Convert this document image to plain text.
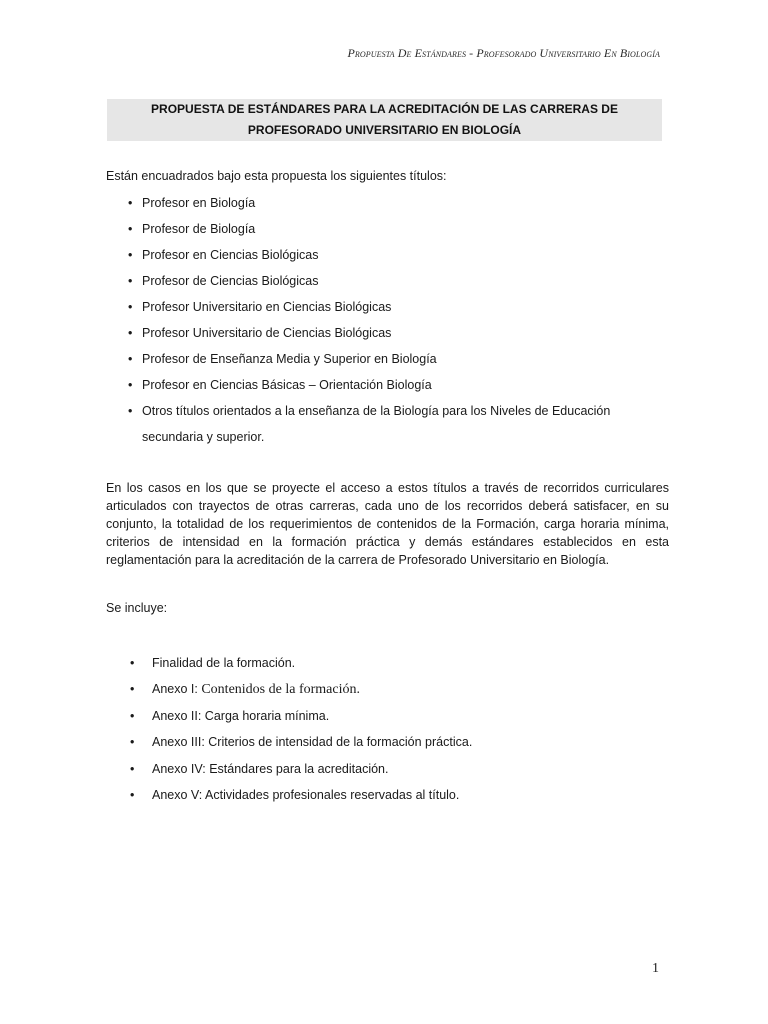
Propuesta De Estándares - Profesorado Universitario En Biología
PROPUESTA DE ESTÁNDARES PARA LA ACREDITACIÓN DE LAS CARRERAS DE
PROFESORADO UNIVERSITARIO EN BIOLOGÍA
Están encuadrados bajo esta propuesta los siguientes títulos:
• Profesor en Biología
• Profesor de Biología
• Profesor en Ciencias Biológicas
• Profesor de Ciencias Biológicas
• Profesor Universitario en Ciencias Biológicas
• Profesor Universitario de Ciencias Biológicas
• Profesor de Enseñanza Media y Superior en Biología
• Profesor en Ciencias Básicas – Orientación Biología
• Otros títulos orientados a la enseñanza de la Biología para los Niveles de Educación
secundaria y superior.
En los casos en los que se proyecte el acceso a estos títulos a través de recorridos curriculares articulados con trayectos de otras carreras, cada uno de los recorridos deberá satisfacer, en su conjunto, la totalidad de los requerimientos de contenidos de la Formación, carga horaria mínima, criterios de intensidad en la formación práctica y demás estándares establecidos en esta reglamentación para la acreditación de la carrera de Profesorado Universitario en Biología.
Se incluye:
• Finalidad de la formación.
• Anexo I: Contenidos de la formación.
• Anexo II: Carga horaria mínima.
• Anexo III: Criterios de intensidad de la formación práctica.
• Anexo IV: Estándares para la acreditación.
• Anexo V: Actividades profesionales reservadas al título.
1
